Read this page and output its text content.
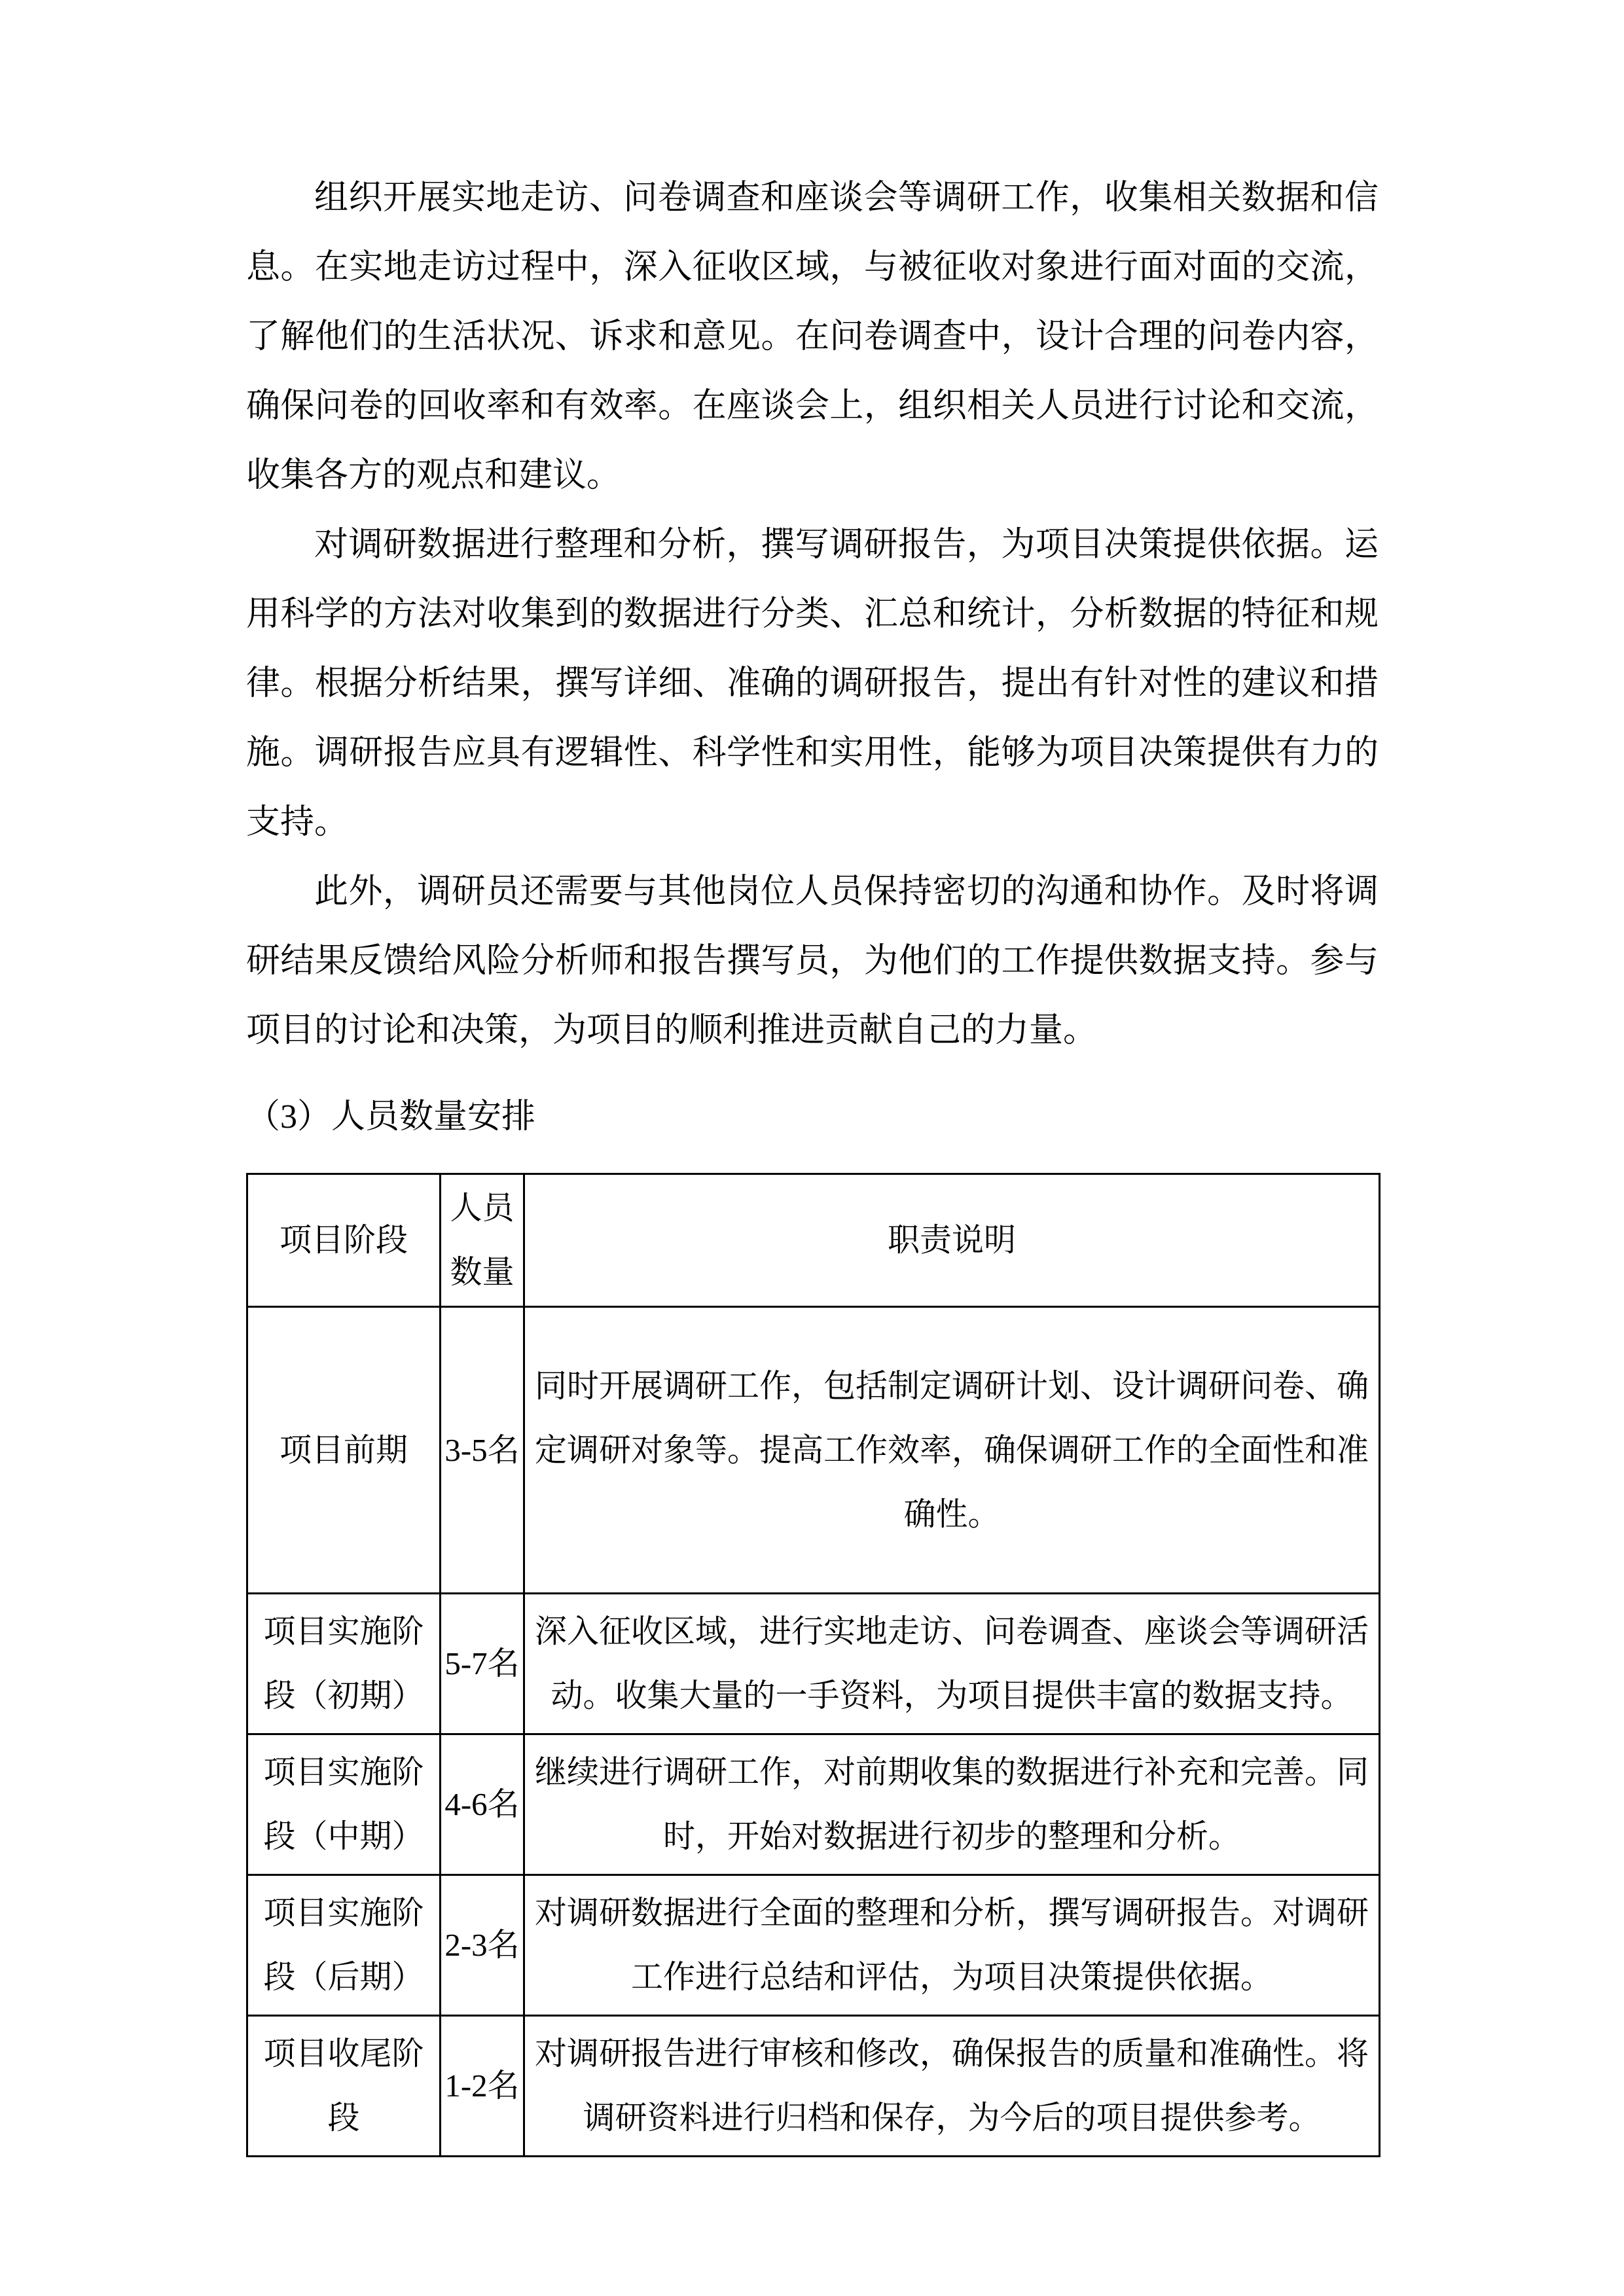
组织开展实地走访、问卷调查和座谈会等调研工作，收集相关数据和信息。在实地走访过程中，深入征收区域，与被征收对象进行面对面的交流，了解他们的生活状况、诉求和意见。在问卷调查中，设计合理的问卷内容，确保问卷的回收率和有效率。在座谈会上，组织相关人员进行讨论和交流，收集各方的观点和建议。

对调研数据进行整理和分析，撰写调研报告，为项目决策提供依据。运用科学的方法对收集到的数据进行分类、汇总和统计，分析数据的特征和规律。根据分析结果，撰写详细、准确的调研报告，提出有针对性的建议和措施。调研报告应具有逻辑性、科学性和实用性，能够为项目决策提供有力的支持。

此外，调研员还需要与其他岗位人员保持密切的沟通和协作。及时将调研结果反馈给风险分析师和报告撰写员，为他们的工作提供数据支持。参与项目的讨论和决策，为项目的顺利推进贡献自己的力量。

（3）人员数量安排

项目阶段	人员数量	职责说明
项目前期	3-5名	同时开展调研工作，包括制定调研计划、设计调研问卷、确定调研对象等。提高工作效率，确保调研工作的全面性和准确性。
项目实施阶段（初期）	5-7名	深入征收区域，进行实地走访、问卷调查、座谈会等调研活动。收集大量的一手资料，为项目提供丰富的数据支持。
项目实施阶段（中期）	4-6名	继续进行调研工作，对前期收集的数据进行补充和完善。同时，开始对数据进行初步的整理和分析。
项目实施阶段（后期）	2-3名	对调研数据进行全面的整理和分析，撰写调研报告。对调研工作进行总结和评估，为项目决策提供依据。
项目收尾阶段	1-2名	对调研报告进行审核和修改，确保报告的质量和准确性。将调研资料进行归档和保存，为今后的项目提供参考。
